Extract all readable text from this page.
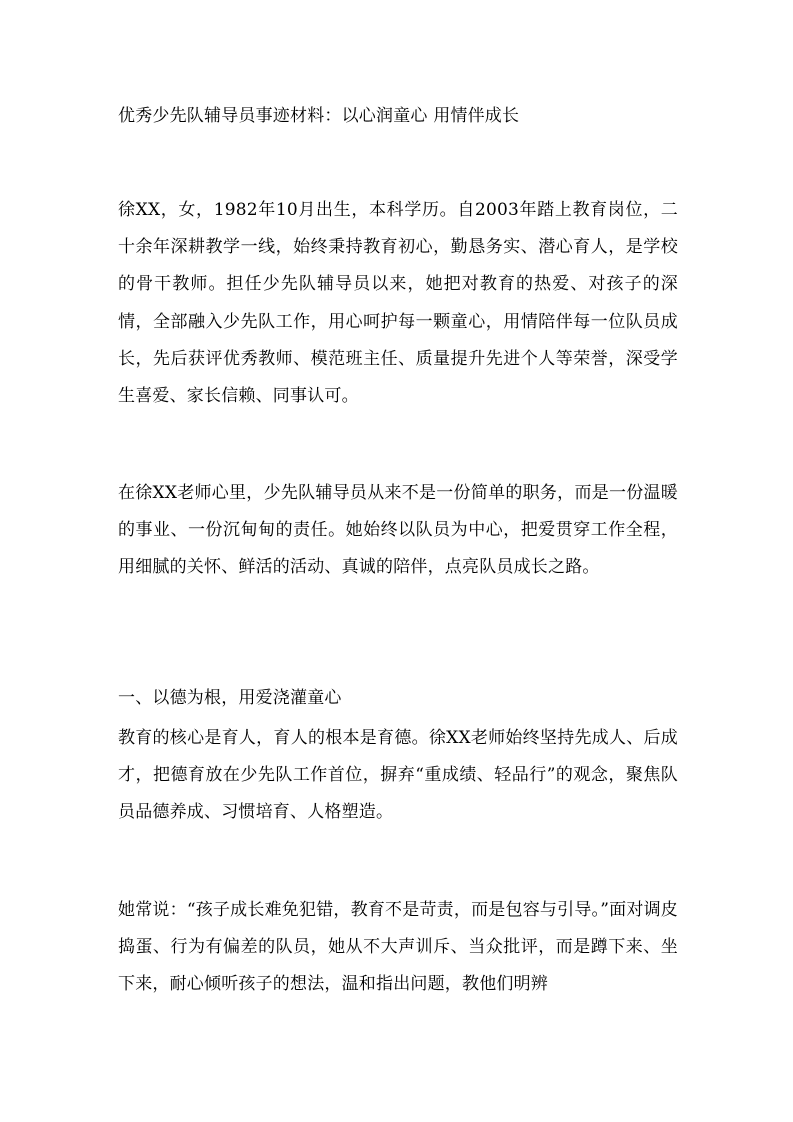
优秀少先队辅导员事迹材料：以心润童心 用情伴成长

徐XX，女，1982年10月出生，本科学历。自2003年踏上教育岗位，二十余年深耕教学一线，始终秉持教育初心，勤恳务实、潜心育人，是学校的骨干教师。担任少先队辅导员以来，她把对教育的热爱、对孩子的深情，全部融入少先队工作，用心呵护每一颗童心，用情陪伴每一位队员成长，先后获评优秀教师、模范班主任、质量提升先进个人等荣誉，深受学生喜爱、家长信赖、同事认可。

在徐XX老师心里，少先队辅导员从来不是一份简单的职务，而是一份温暖的事业、一份沉甸甸的责任。她始终以队员为中心，把爱贯穿工作全程，用细腻的关怀、鲜活的活动、真诚的陪伴，点亮队员成长之路。

一、以德为根，用爱浇灌童心

教育的核心是育人，育人的根本是育德。徐XX老师始终坚持先成人、后成才，把德育放在少先队工作首位，摒弃“重成绩、轻品行”的观念，聚焦队员品德养成、习惯培育、人格塑造。

她常说：“孩子成长难免犯错，教育不是苛责，而是包容与引导。”面对调皮捣蛋、行为有偏差的队员，她从不大声训斥、当众批评，而是蹲下来、坐下来，耐心倾听孩子的想法，温和指出问题，教他们明辨
